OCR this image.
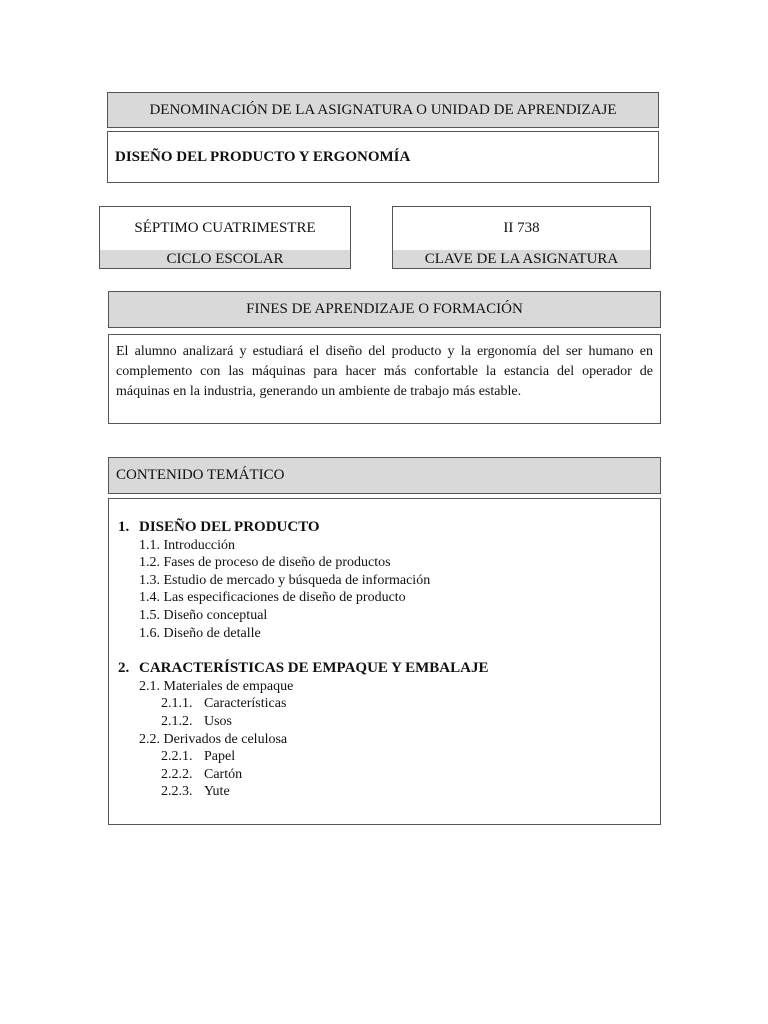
DENOMINACIÓN DE LA ASIGNATURA O UNIDAD DE APRENDIZAJE
DISEÑO DEL PRODUCTO Y ERGONOMÍA
SÉPTIMO CUATRIMESTRE
CICLO ESCOLAR
II 738
CLAVE DE LA ASIGNATURA
FINES DE APRENDIZAJE O FORMACIÓN
El alumno analizará y estudiará el diseño del producto y la ergonomía del ser humano en complemento con las máquinas para hacer más confortable la estancia del operador de máquinas en la industria, generando un ambiente de trabajo más estable.
CONTENIDO TEMÁTICO
1. DISEÑO DEL PRODUCTO
1.1. Introducción
1.2. Fases de proceso de diseño de productos
1.3. Estudio de mercado y búsqueda de información
1.4. Las especificaciones de diseño de producto
1.5. Diseño conceptual
1.6. Diseño de detalle
2. CARACTERÍSTICAS DE EMPAQUE Y EMBALAJE
2.1. Materiales de empaque
2.1.1. Características
2.1.2. Usos
2.2. Derivados de celulosa
2.2.1. Papel
2.2.2. Cartón
2.2.3. Yute
